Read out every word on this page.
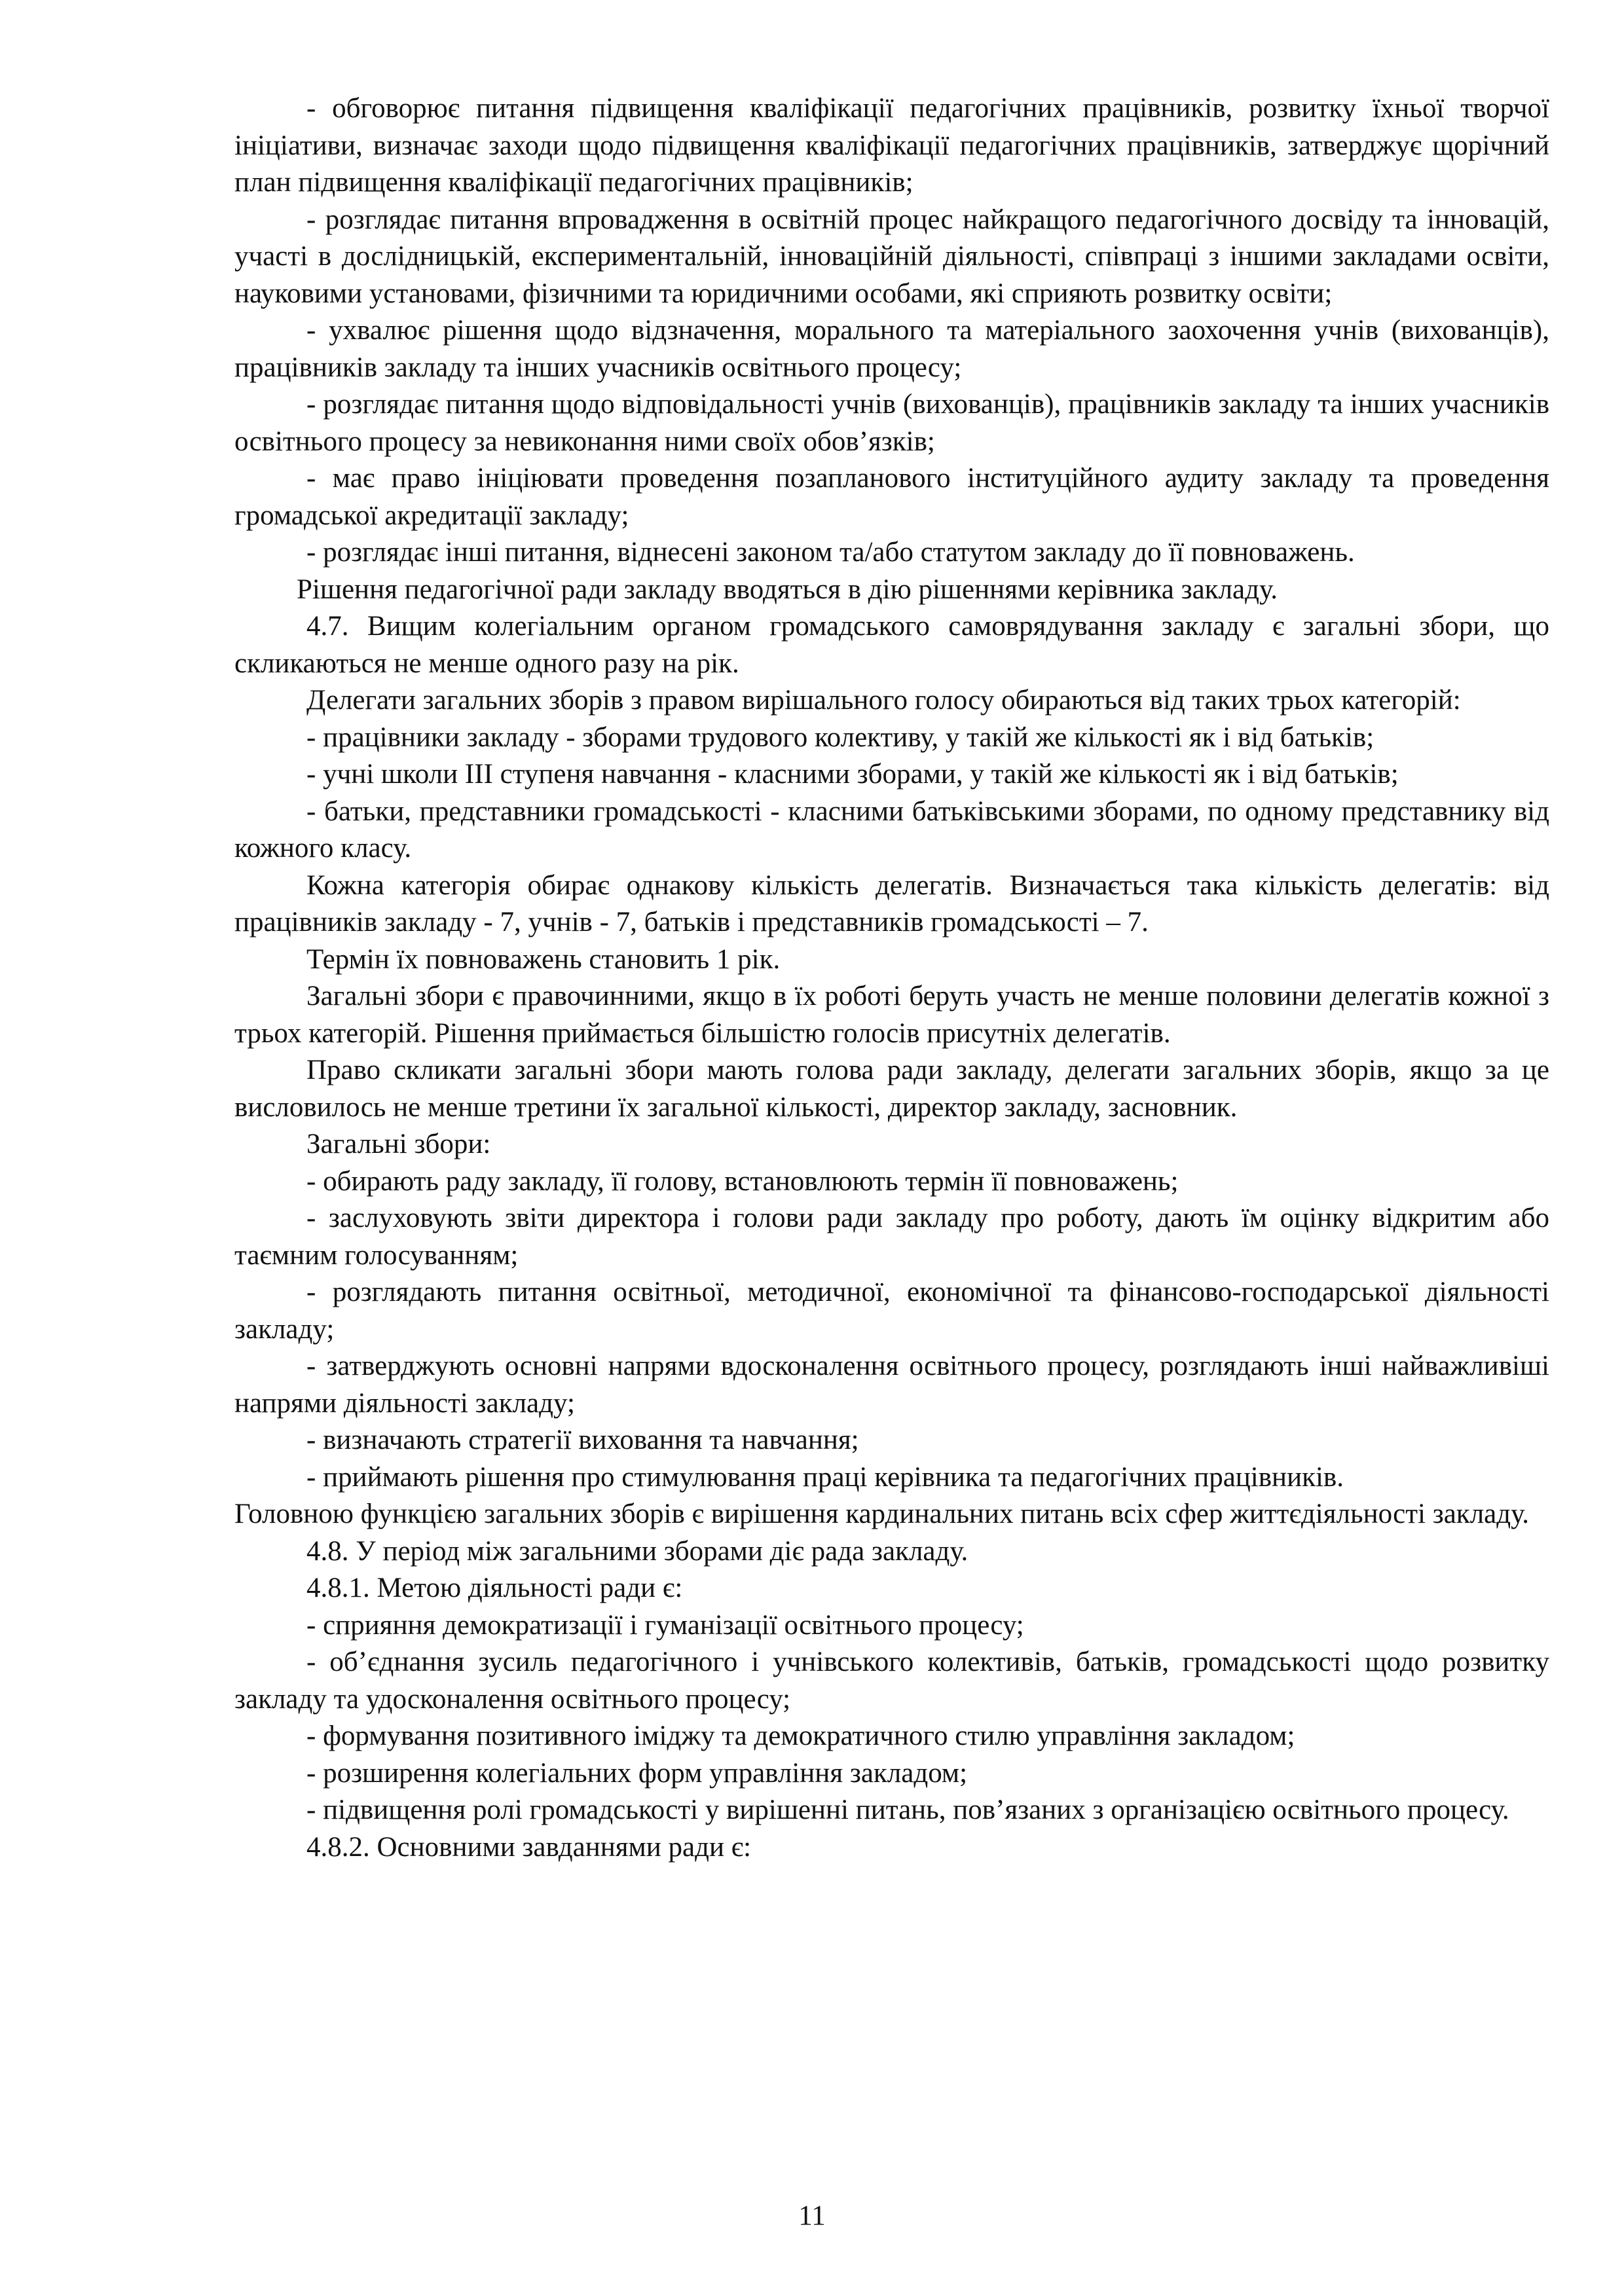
- обговорює питання підвищення кваліфікації педагогічних працівників, розвитку їхньої творчої ініціативи, визначає заходи щодо підвищення кваліфікації педагогічних працівників, затверджує щорічний план підвищення кваліфікації педагогічних працівників;

- розглядає питання впровадження в освітній процес найкращого педагогічного досвіду та інновацій, участі в дослідницькій, експериментальній, інноваційній діяльності, співпраці з іншими закладами освіти, науковими установами, фізичними та юридичними особами, які сприяють розвитку освіти;

- ухвалює рішення щодо відзначення, морального та матеріального заохочення учнів (вихованців), працівників закладу та інших учасників освітнього процесу;

- розглядає питання щодо відповідальності учнів (вихованців), працівників закладу та інших учасників освітнього процесу за невиконання ними своїх обов’язків;

- має право ініціювати проведення позапланового інституційного аудиту закладу та проведення громадської акредитації закладу;

- розглядає інші питання, віднесені законом та/або статутом закладу до її повноважень.

Рішення педагогічної ради закладу вводяться в дію рішеннями керівника закладу.

4.7. Вищим колегіальним органом громадського самоврядування закладу є загальні збори, що скликаються не менше одного разу на рік.

Делегати загальних зборів з правом вирішального голосу обираються від таких трьох категорій:

- працівники закладу - зборами трудового колективу, у такій же кількості як і від батьків;

- учні школи ІІІ ступеня навчання - класними зборами, у такій же кількості як і від батьків;

- батьки, представники громадськості - класними батьківськими зборами, по одному представнику від кожного класу.

Кожна категорія обирає однакову кількість делегатів. Визначається така кількість делегатів: від працівників закладу - 7, учнів - 7, батьків і представників громадськості – 7.

Термін їх повноважень становить 1 рік.

Загальні збори є правочинними, якщо в їх роботі беруть участь не менше половини делегатів кожної з трьох категорій. Рішення приймається більшістю голосів присутніх делегатів.

Право скликати загальні збори мають голова ради закладу, делегати загальних зборів, якщо за це висловилось не менше третини їх загальної кількості, директор закладу, засновник.

Загальні збори:

- обирають раду закладу, її голову, встановлюють термін її повноважень;

- заслуховують звіти директора і голови ради закладу про роботу, дають їм оцінку відкритим або таємним голосуванням;

- розглядають питання освітньої, методичної, економічної та фінансово-господарської діяльності закладу;

- затверджують основні напрями вдосконалення освітнього процесу, розглядають інші найважливіші напрями діяльності закладу;

- визначають стратегії виховання та навчання;

- приймають рішення про стимулювання праці керівника та педагогічних працівників.

Головною функцією загальних зборів є вирішення кардинальних питань всіх сфер життєдіяльності закладу.

4.8. У період між загальними зборами діє рада закладу.

4.8.1. Метою діяльності ради є:

- сприяння демократизації і гуманізації освітнього процесу;

- об’єднання зусиль педагогічного і учнівського колективів, батьків, громадськості щодо розвитку закладу та удосконалення освітнього процесу;

- формування позитивного іміджу та демократичного стилю управління закладом;

- розширення колегіальних форм управління закладом;

- підвищення ролі громадськості у вирішенні питань, пов’язаних з організацією освітнього процесу.

4.8.2. Основними завданнями ради є:

11
